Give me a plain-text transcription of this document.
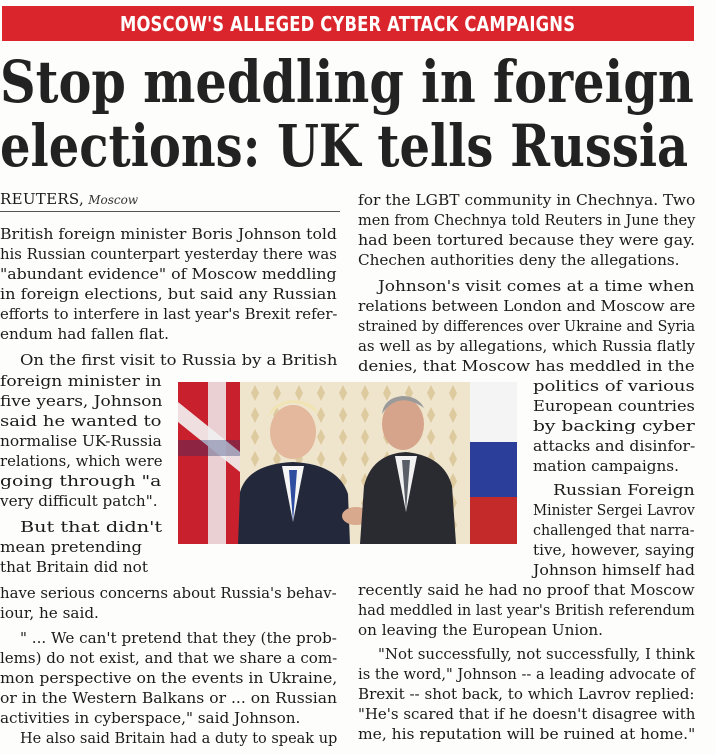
MOSCOW'S ALLEGED CYBER ATTACK CAMPAIGNS
Stop meddling in foreign
elections: UK tells Russia
REUTERS, Moscow
British foreign minister Boris Johnson told
his Russian counterpart yesterday there was
"abundant evidence" of Moscow meddling
in foreign elections, but said any Russian
efforts to interfere in last year's Brexit refer-
endum had fallen flat.
On the first visit to Russia by a British
foreign minister in
five years, Johnson
said he wanted to
normalise UK-Russia
relations, which were
going through "a
very difficult patch".
But that didn't
mean pretending
that Britain did not
have serious concerns about Russia's behav-
iour, he said.
" ... We can't pretend that they (the prob-
lems) do not exist, and that we share a com-
mon perspective on the events in Ukraine,
or in the Western Balkans or ... on Russian
activities in cyberspace," said Johnson.
He also said Britain had a duty to speak up
for the LGBT community in Chechnya. Two
men from Chechnya told Reuters in June they
had been tortured because they were gay.
Chechen authorities deny the allegations.
Johnson's visit comes at a time when
relations between London and Moscow are
strained by differences over Ukraine and Syria
as well as by allegations, which Russia flatly
denies, that Moscow has meddled in the
politics of various
European countries
by backing cyber
attacks and disinfor-
mation campaigns.
Russian Foreign
Minister Sergei Lavrov
challenged that narra-
tive, however, saying
Johnson himself had
recently said he had no proof that Moscow
had meddled in last year's British referendum
on leaving the European Union.
"Not successfully, not successfully, I think
is the word," Johnson -- a leading advocate of
Brexit -- shot back, to which Lavrov replied:
"He's scared that if he doesn't disagree with
me, his reputation will be ruined at home."
